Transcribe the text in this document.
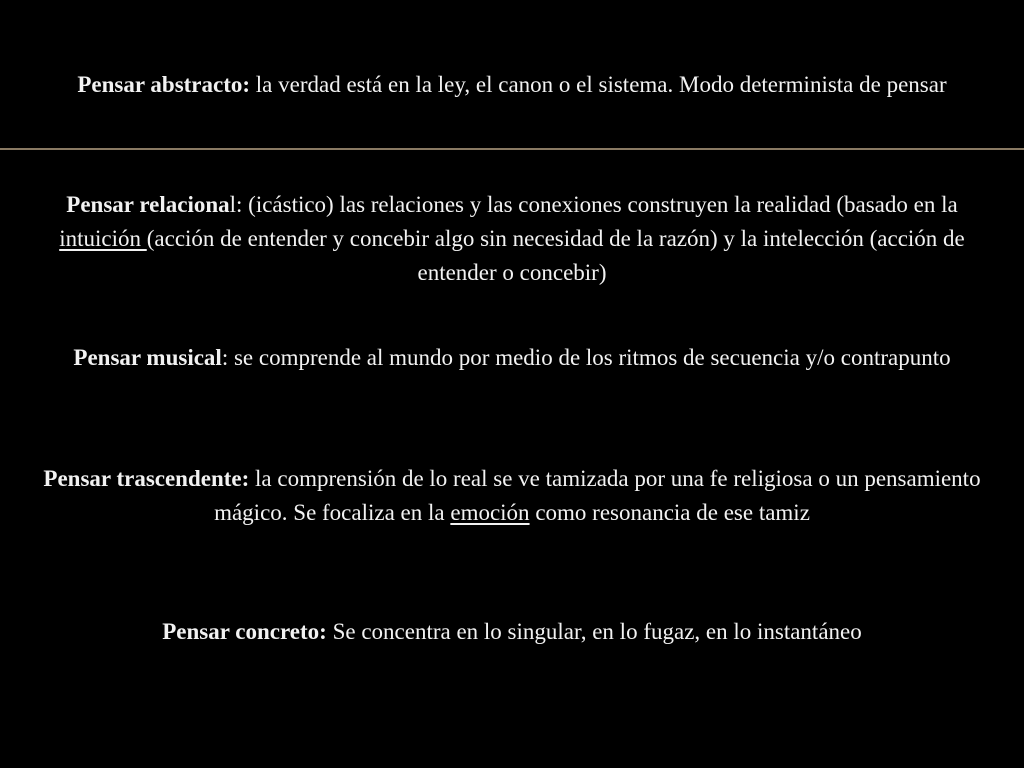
Pensar abstracto: la verdad está en la ley, el canon o el sistema. Modo determinista de pensar

Pensar relacional: (icástico) las relaciones y las conexiones construyen la realidad (basado en la intuición (acción de entender y concebir algo sin necesidad de la razón) y la intelección (acción de entender o concebir)

Pensar musical: se comprende al mundo por medio de los ritmos de secuencia y/o contrapunto

Pensar trascendente: la comprensión de lo real se ve tamizada por una fe religiosa o un pensamiento mágico. Se focaliza en la emoción como resonancia de ese tamiz

Pensar concreto: Se concentra en lo singular, en lo fugaz, en lo instantáneo
